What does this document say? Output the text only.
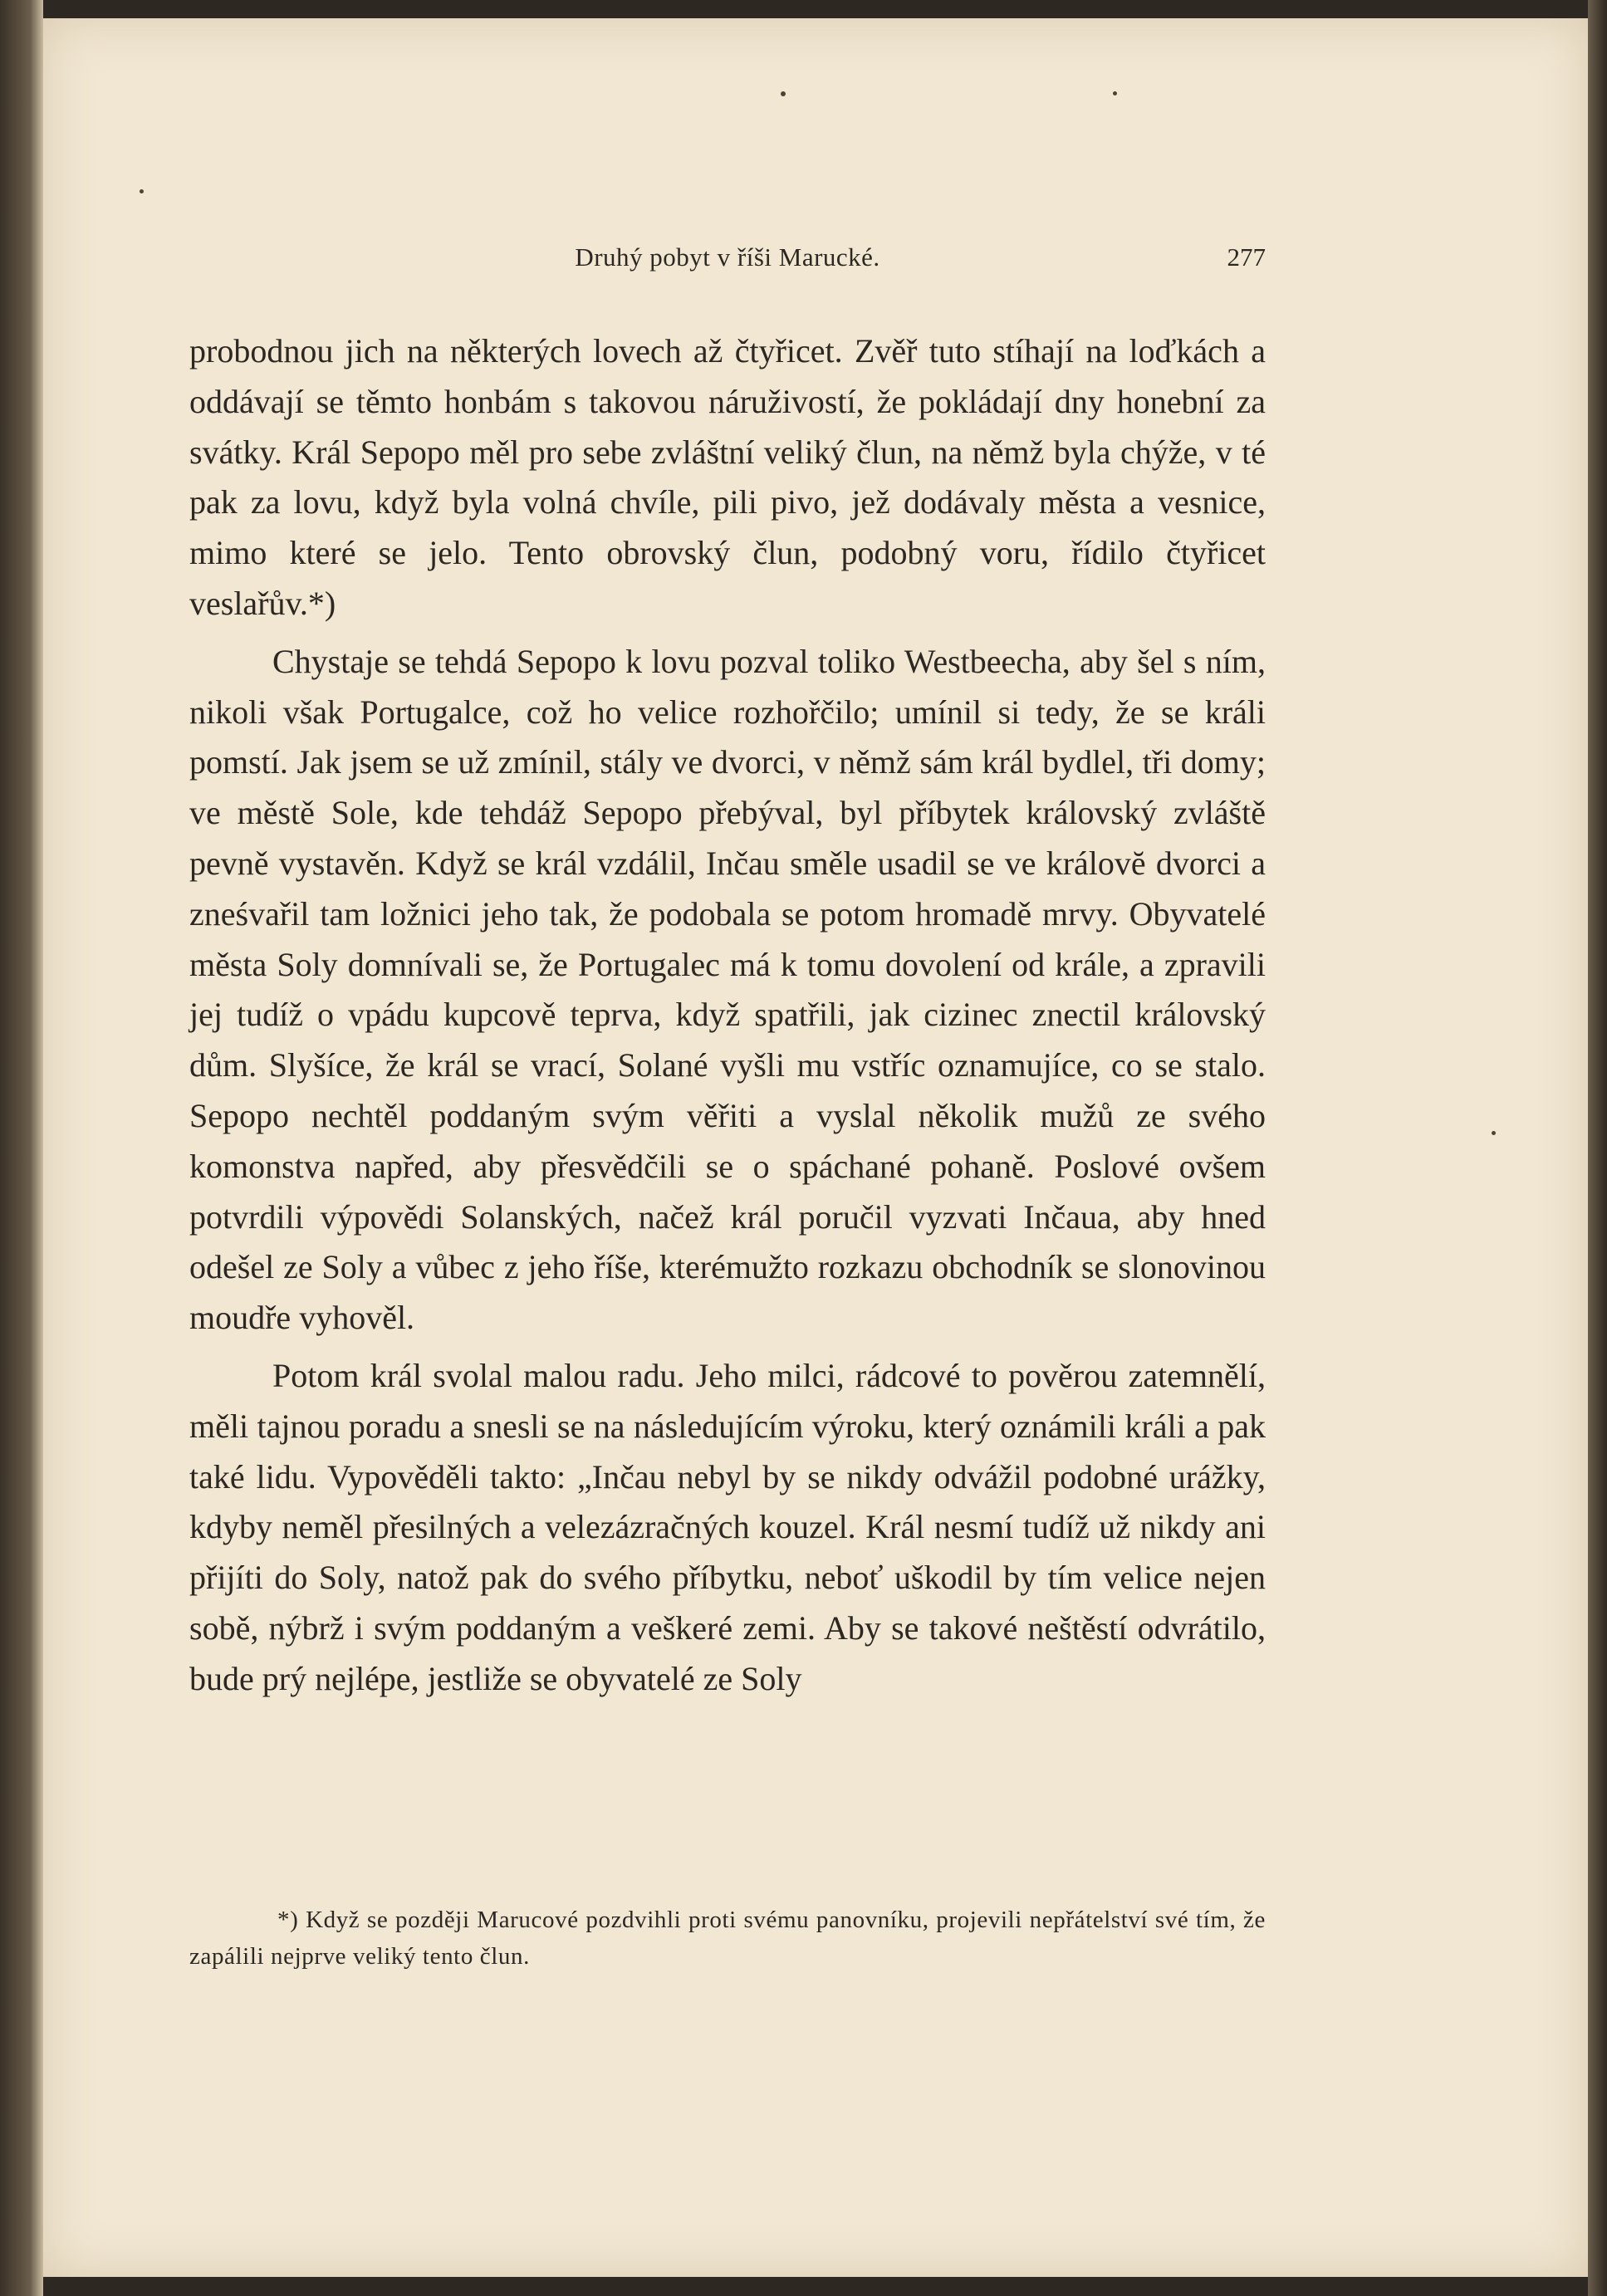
Druhý pobyt v říši Marucké.	277

probodnou jich na některých lovech až čtyřicet. Zvěř tuto stíhají na loďkách a oddávají se těmto honbám s takovou náruživostí, že pokládají dny honební za svátky. Král Sepopo měl pro sebe zvláštní veliký člun, na němž byla chýže, v té pak za lovu, když byla volná chvíle, pili pivo, jež dodávaly města a vesnice, mimo které se jelo. Tento obrovský člun, podobný voru, řídilo čtyřicet veslařův.*)

Chystaje se tehdá Sepopo k lovu pozval toliko Westbeecha, aby šel s ním, nikoli však Portugalce, což ho velice rozhořčilo; umínil si tedy, že se králi pomstí. Jak jsem se už zmínil, stály ve dvorci, v němž sám král bydlel, tři domy; ve městě Sole, kde tehdáž Sepopo přebýval, byl příbytek královský zvláště pevně vystavěn. Když se král vzdálil, Inčau směle usadil se ve královĕ dvorci a zneśvařil tam ložnici jeho tak, že podobala se potom hromadě mrvy. Obyvatelé města Soly domnívali se, že Portugalec má k tomu dovolení od krále, a zpravili jej tudíž o vpádu kupcově teprva, když spatřili, jak cizinec znectil královský dům. Slyšíce, že král se vrací, Solané vyšli mu vstříc oznamujíce, co se stalo. Sepopo nechtěl poddaným svým věřiti a vyslal několik mužů ze svého komonstva napřed, aby přesvědčili se o spáchané pohaně. Poslové ovšem potvrdili výpovědi Solanských, načež král poručil vyzvati Inčaua, aby hned odešel ze Soly a vůbec z jeho říše, kterémužto rozkazu obchodník se slonovinou moudře vyhověl.

Potom král svolal malou radu. Jeho milci, rádcové to pověrou zatemnělí, měli tajnou poradu a snesli se na následujícím výroku, který oznámili králi a pak také lidu. Vypověděli takto: „Inčau nebyl by se nikdy odvážil podobné urážky, kdyby neměl přesilných a velezázračných kouzel. Král nesmí tudíž už nikdy ani přijíti do Soly, natož pak do svého příbytku, neboť uškodil by tím velice nejen sobě, nýbrž i svým poddaným a veškeré zemi. Aby se takové neštěstí odvrátilo, bude prý nejlépe, jestliže se obyvatelé ze Soly

*) Když se později Marucové pozdvihli proti svému panovníku, projevili nepřátelství své tím, že zapálili nejprve veliký tento člun.
